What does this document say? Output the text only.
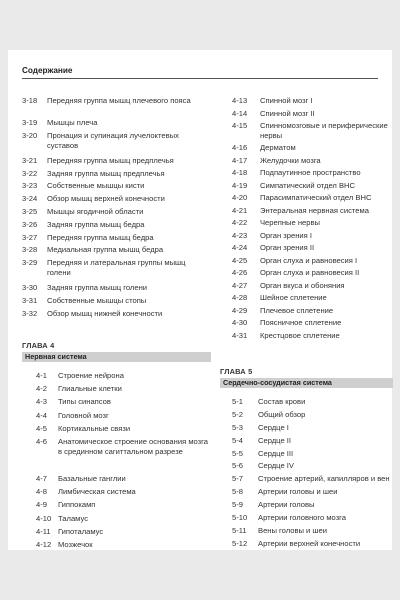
Содержание
3-18 Передняя группа мышц плечевого пояса
3-19 Мышцы плеча
3-20 Пронация и супинация лучелоктевых суставов
3-21 Передняя группа мышц предплечья
3-22 Задняя группа мышц предплечья
3-23 Собственные мышцы кисти
3-24 Обзор мышц верхней конечности
3-25 Мышцы ягодичной области
3-26 Задняя группа мышц бедра
3-27 Передняя группа мышц бедра
3-28 Медиальная группа мышц бедра
3-29 Передняя и латеральная группы мышц голени
3-30 Задняя группа мышц голени
3-31 Собственные мышцы стопы
3-32 Обзор мышц нижней конечности
4-13 Спинной мозг I
4-14 Спинной мозг II
4-15 Спинномозговые и периферические нервы
4-16 Дерматом
4-17 Желудочки мозга
4-18 Подпаутинное пространство
4-19 Симпатический отдел ВНС
4-20 Парасимпатический отдел ВНС
4-21 Энтеральная нервная система
4-22 Черепные нервы
4-23 Орган зрения I
4-24 Орган зрения II
4-25 Орган слуха и равновесия I
4-26 Орган слуха и равновесия II
4-27 Орган вкуса и обоняния
4-28 Шейное сплетение
4-29 Плечевое сплетение
4-30 Поясничное сплетение
4-31 Крестцовое сплетение
ГЛАВА 4
Нервная система
4-1 Строение нейрона
4-2 Глиальные клетки
4-3 Типы синапсов
4-4 Головной мозг
4-5 Кортикальные связи
4-6 Анатомическое строение основания мозга в срединном сагиттальном разрезе
4-7 Базальные ганглии
4-8 Лимбическая система
4-9 Гиппокамп
4-10 Таламус
4-11 Гипоталамус
4-12 Мозжечок
ГЛАВА 5
Сердечно-сосудистая система
5-1 Состав крови
5-2 Общий обзор
5-3 Сердце I
5-4 Сердце II
5-5 Сердце III
5-6 Сердце IV
5-7 Строение артерий, капилляров и вен
5-8 Артерии головы и шеи
5-9 Артерии головы
5-10 Артерии головного мозга
5-11 Вены головы и шеи
5-12 Артерии верхней конечности
